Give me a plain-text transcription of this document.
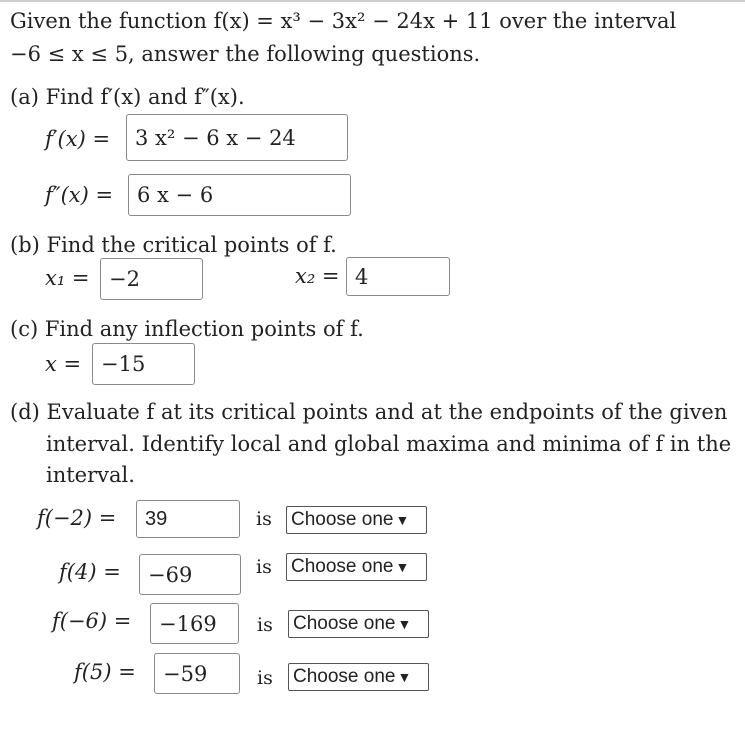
Given the function f(x) = x³ − 3x² − 24x + 11 over the interval
−6 ≤ x ≤ 5, answer the following questions.
(a) Find f′(x) and f″(x).
f′(x) =	3 x² − 6 x − 24
f″(x) =	6 x − 6
(b) Find the critical points of f.
x₁ = −2	x₂ = 4
(c) Find any inflection points of f.
x = −15
(d) Evaluate f at its critical points and at the endpoints of the given
interval. Identify local and global maxima and minima of f in the
interval.
f(−2) =	39	is Choose one ▼
f(4) =	−69	is Choose one ▼
f(−6) =	−169	is Choose one ▼
f(5) =	−59	is Choose one ▼
